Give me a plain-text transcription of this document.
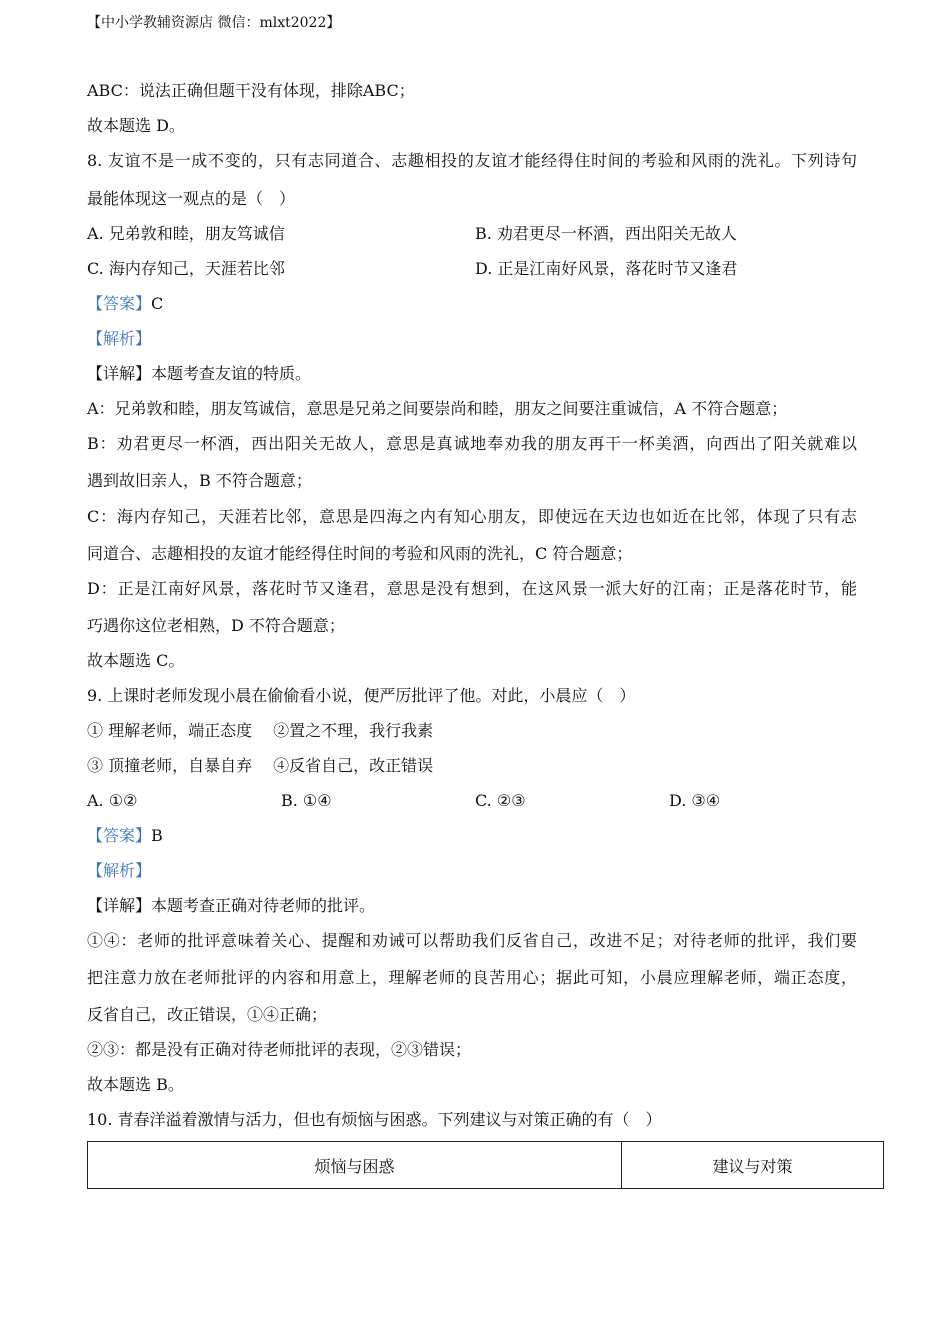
【中小学教辅资源店 微信：mlxt2022】
ABC：说法正确但题干没有体现，排除ABC；
故本题选 D。
8. 友谊不是一成不变的，只有志同道合、志趣相投的友谊才能经得住时间的考验和风雨的洗礼。下列诗句
最能体现这一观点的是（　）
A. 兄弟敦和睦，朋友笃诚信	B. 劝君更尽一杯酒，西出阳关无故人
C. 海内存知己，天涯若比邻	D. 正是江南好风景，落花时节又逢君
【答案】C
【解析】
【详解】本题考查友谊的特质。
A：兄弟敦和睦，朋友笃诚信，意思是兄弟之间要崇尚和睦，朋友之间要注重诚信，A 不符合题意；
B：劝君更尽一杯酒，西出阳关无故人，意思是真诚地奉劝我的朋友再干一杯美酒，向西出了阳关就难以
遇到故旧亲人，B 不符合题意；
C：海内存知己，天涯若比邻，意思是四海之内有知心朋友，即使远在天边也如近在比邻，体现了只有志
同道合、志趣相投的友谊才能经得住时间的考验和风雨的洗礼，C 符合题意；
D：正是江南好风景，落花时节又逢君，意思是没有想到，在这风景一派大好的江南；正是落花时节，能
巧遇你这位老相熟，D 不符合题意；
故本题选 C。
9. 上课时老师发现小晨在偷偷看小说，便严厉批评了他。对此，小晨应（　）
① 理解老师，端正态度　 ②置之不理，我行我素
③ 顶撞老师，自暴自弃　 ④反省自己，改正错误
A. ①②	B. ①④	C. ②③	D. ③④
【答案】B
【解析】
【详解】本题考查正确对待老师的批评。
①④：老师的批评意味着关心、提醒和劝诫可以帮助我们反省自己，改进不足；对待老师的批评，我们要
把注意力放在老师批评的内容和用意上，理解老师的良苦用心；据此可知，小晨应理解老师，端正态度，
反省自己，改正错误，①④正确；
②③：都是没有正确对待老师批评的表现，②③错误；
故本题选 B。
10. 青春洋溢着激情与活力，但也有烦恼与困惑。下列建议与对策正确的有（　）
烦恼与困惑	建议与对策
